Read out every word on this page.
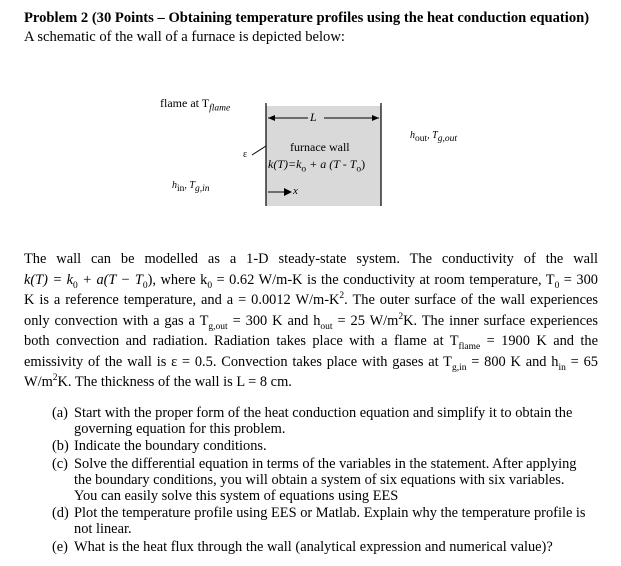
Problem 2 (30 Points – Obtaining temperature profiles using the heat conduction equation)
A schematic of the wall of a furnace is depicted below:
flame at $T_{flame}$
L
ε
furnace wall
$k(T)=k_o + a$ $(T - T_o)$
x
$h_{out}$, $T_{g,out}$
$h_{in}$, $T_{g,in}$
The wall can be modelled as a 1-D steady-state system. The conductivity of the wall
$k(T) = k_0 + a(T - T_0)$, where $k_0 = 0.62$ W/m-K is the conductivity at room temperature, $T_0 = 300$
K is a reference temperature, and a = 0.0012 $W/m-K^2$. The outer surface of the wall experiences
only convection with a gas a $T_{g,out} = 300$ K and $h_{out} = 25$ $W/m^2K$. The inner surface experiences
both convection and radiation. Radiation takes place with a flame at $T_{flame} = 1900$ K and the
emissivity of the wall is ε = 0.5. Convection takes place with gases at $T_{g,in} = 800$ K and $h_{in} = 65$
$W/m^2K$. The thickness of the wall is L = 8 cm.
(a) Start with the proper form of the heat conduction equation and simplify it to obtain the governing equation for this problem.
(b) Indicate the boundary conditions.
(c) Solve the differential equation in terms of the variables in the statement. After applying the boundary conditions, you will obtain a system of six equations with six variables. You can easily solve this system of equations using EES
(d) Plot the temperature profile using EES or Matlab. Explain why the temperature profile is not linear.
(e) What is the heat flux through the wall (analytical expression and numerical value)?
